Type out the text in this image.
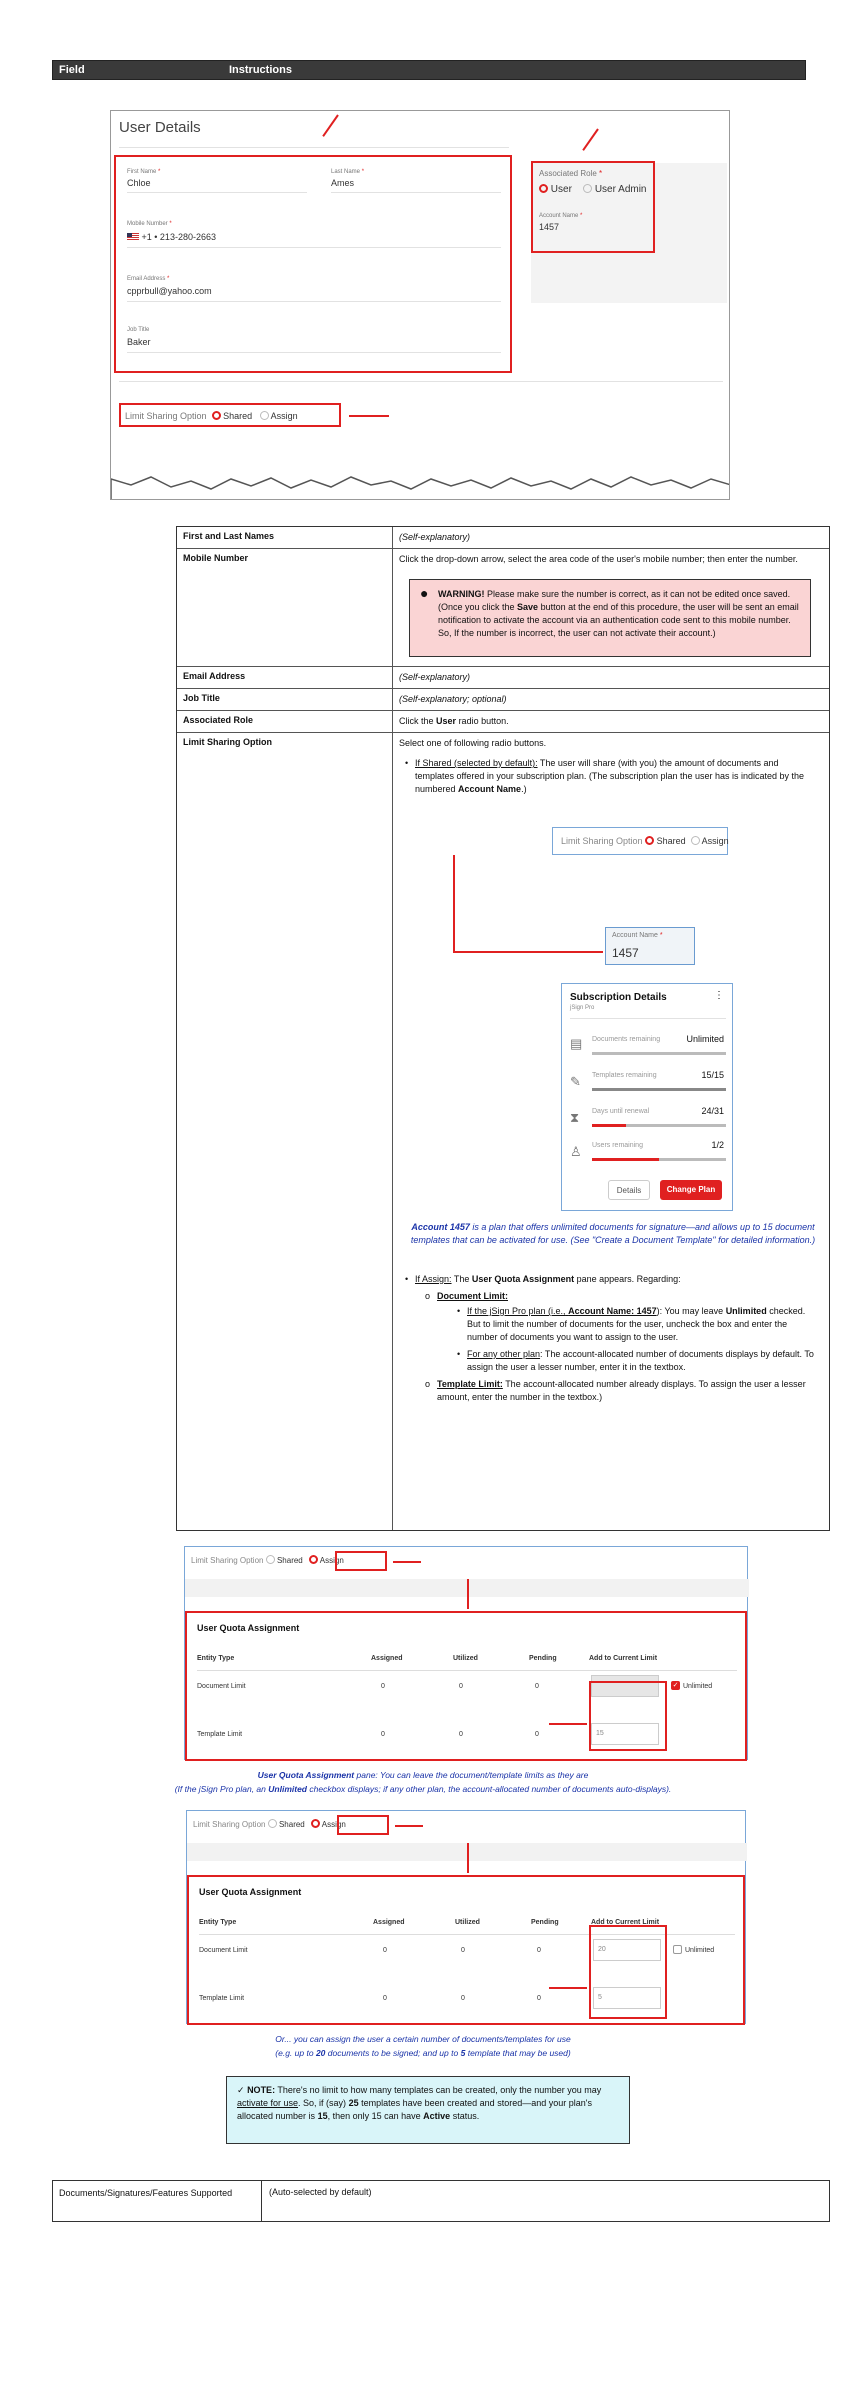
Field	Instructions
User Details
First Name *
Chloe
Last Name *
Ames
Mobile Number *
+1 • 213-280-2663
Email Address *
cpprbull@yahoo.com
Job Title
Baker
Associated Role *
User User Admin
Account Name *
1457
Limit Sharing Option Shared Assign
First and Last Names	(Self-explanatory)
Mobile Number	Click the drop-down arrow, select the area code of the user's mobile number; then enter the number.
● WARNING! Please make sure the number is correct, as it can not be edited once saved. (Once you click the Save button at the end of this procedure, the user will be sent an email notification to activate the account via an authentication code sent to this mobile number. So, If the number is incorrect, the user can not activate their account.)
Email Address	(Self-explanatory)
Job Title	(Self-explanatory; optional)
Associated Role	Click the User radio button.
Limit Sharing Option	Select one of following radio buttons.
• If Shared (selected by default): The user will share (with you) the amount of documents and templates offered in your subscription plan. (The subscription plan the user has is indicated by the numbered Account Name.)
Limit Sharing Option Shared Assign
Account Name *
1457
Subscription Details
jSign Pro
⋮
▤ Documents remaining	Unlimited
✎ Templates remaining	15/15
⧗ Days until renewal	24/31
♙ Users remaining	1/2
Details	Change Plan
Account 1457 is a plan that offers unlimited documents for signature—and allows up to 15 document templates that can be activated for use. (See "Create a Document Template" for detailed information.)
• If Assign: The User Quota Assignment pane appears. Regarding:
o Document Limit:
• If the jSign Pro plan (i.e., Account Name: 1457): You may leave Unlimited checked. But to limit the number of documents for the user, uncheck the box and enter the number of documents you want to assign to the user.
• For any other plan: The account-allocated number of documents displays by default. To assign the user a lesser number, enter it in the textbox.
o Template Limit: The account-allocated number already displays. To assign the user a lesser amount, enter the number in the textbox.)
Limit Sharing Option Shared Assign
User Quota Assignment
Entity Type	Assigned	Utilized	Pending	Add to Current Limit
Document Limit	0	0	0	✓ Unlimited
Template Limit	0	0	0	15
User Quota Assignment pane: You can leave the document/template limits as they are
(If the jSign Pro plan, an Unlimited checkbox displays; if any other plan, the account-allocated number of documents auto-displays).
Limit Sharing Option Shared Assign
User Quota Assignment
Entity Type	Assigned	Utilized	Pending	Add to Current Limit
Document Limit	0	0	0	20	Unlimited
Template Limit	0	0	0	5
Or... you can assign the user a certain number of documents/templates for use
(e.g. up to 20 documents to be signed; and up to 5 template that may be used)
✓ NOTE: There's no limit to how many templates can be created, only the number you may activate for use. So, if (say) 25 templates have been created and stored—and your plan's allocated number is 15, then only 15 can have Active status.
Documents/Signatures/Features Supported	(Auto-selected by default)
